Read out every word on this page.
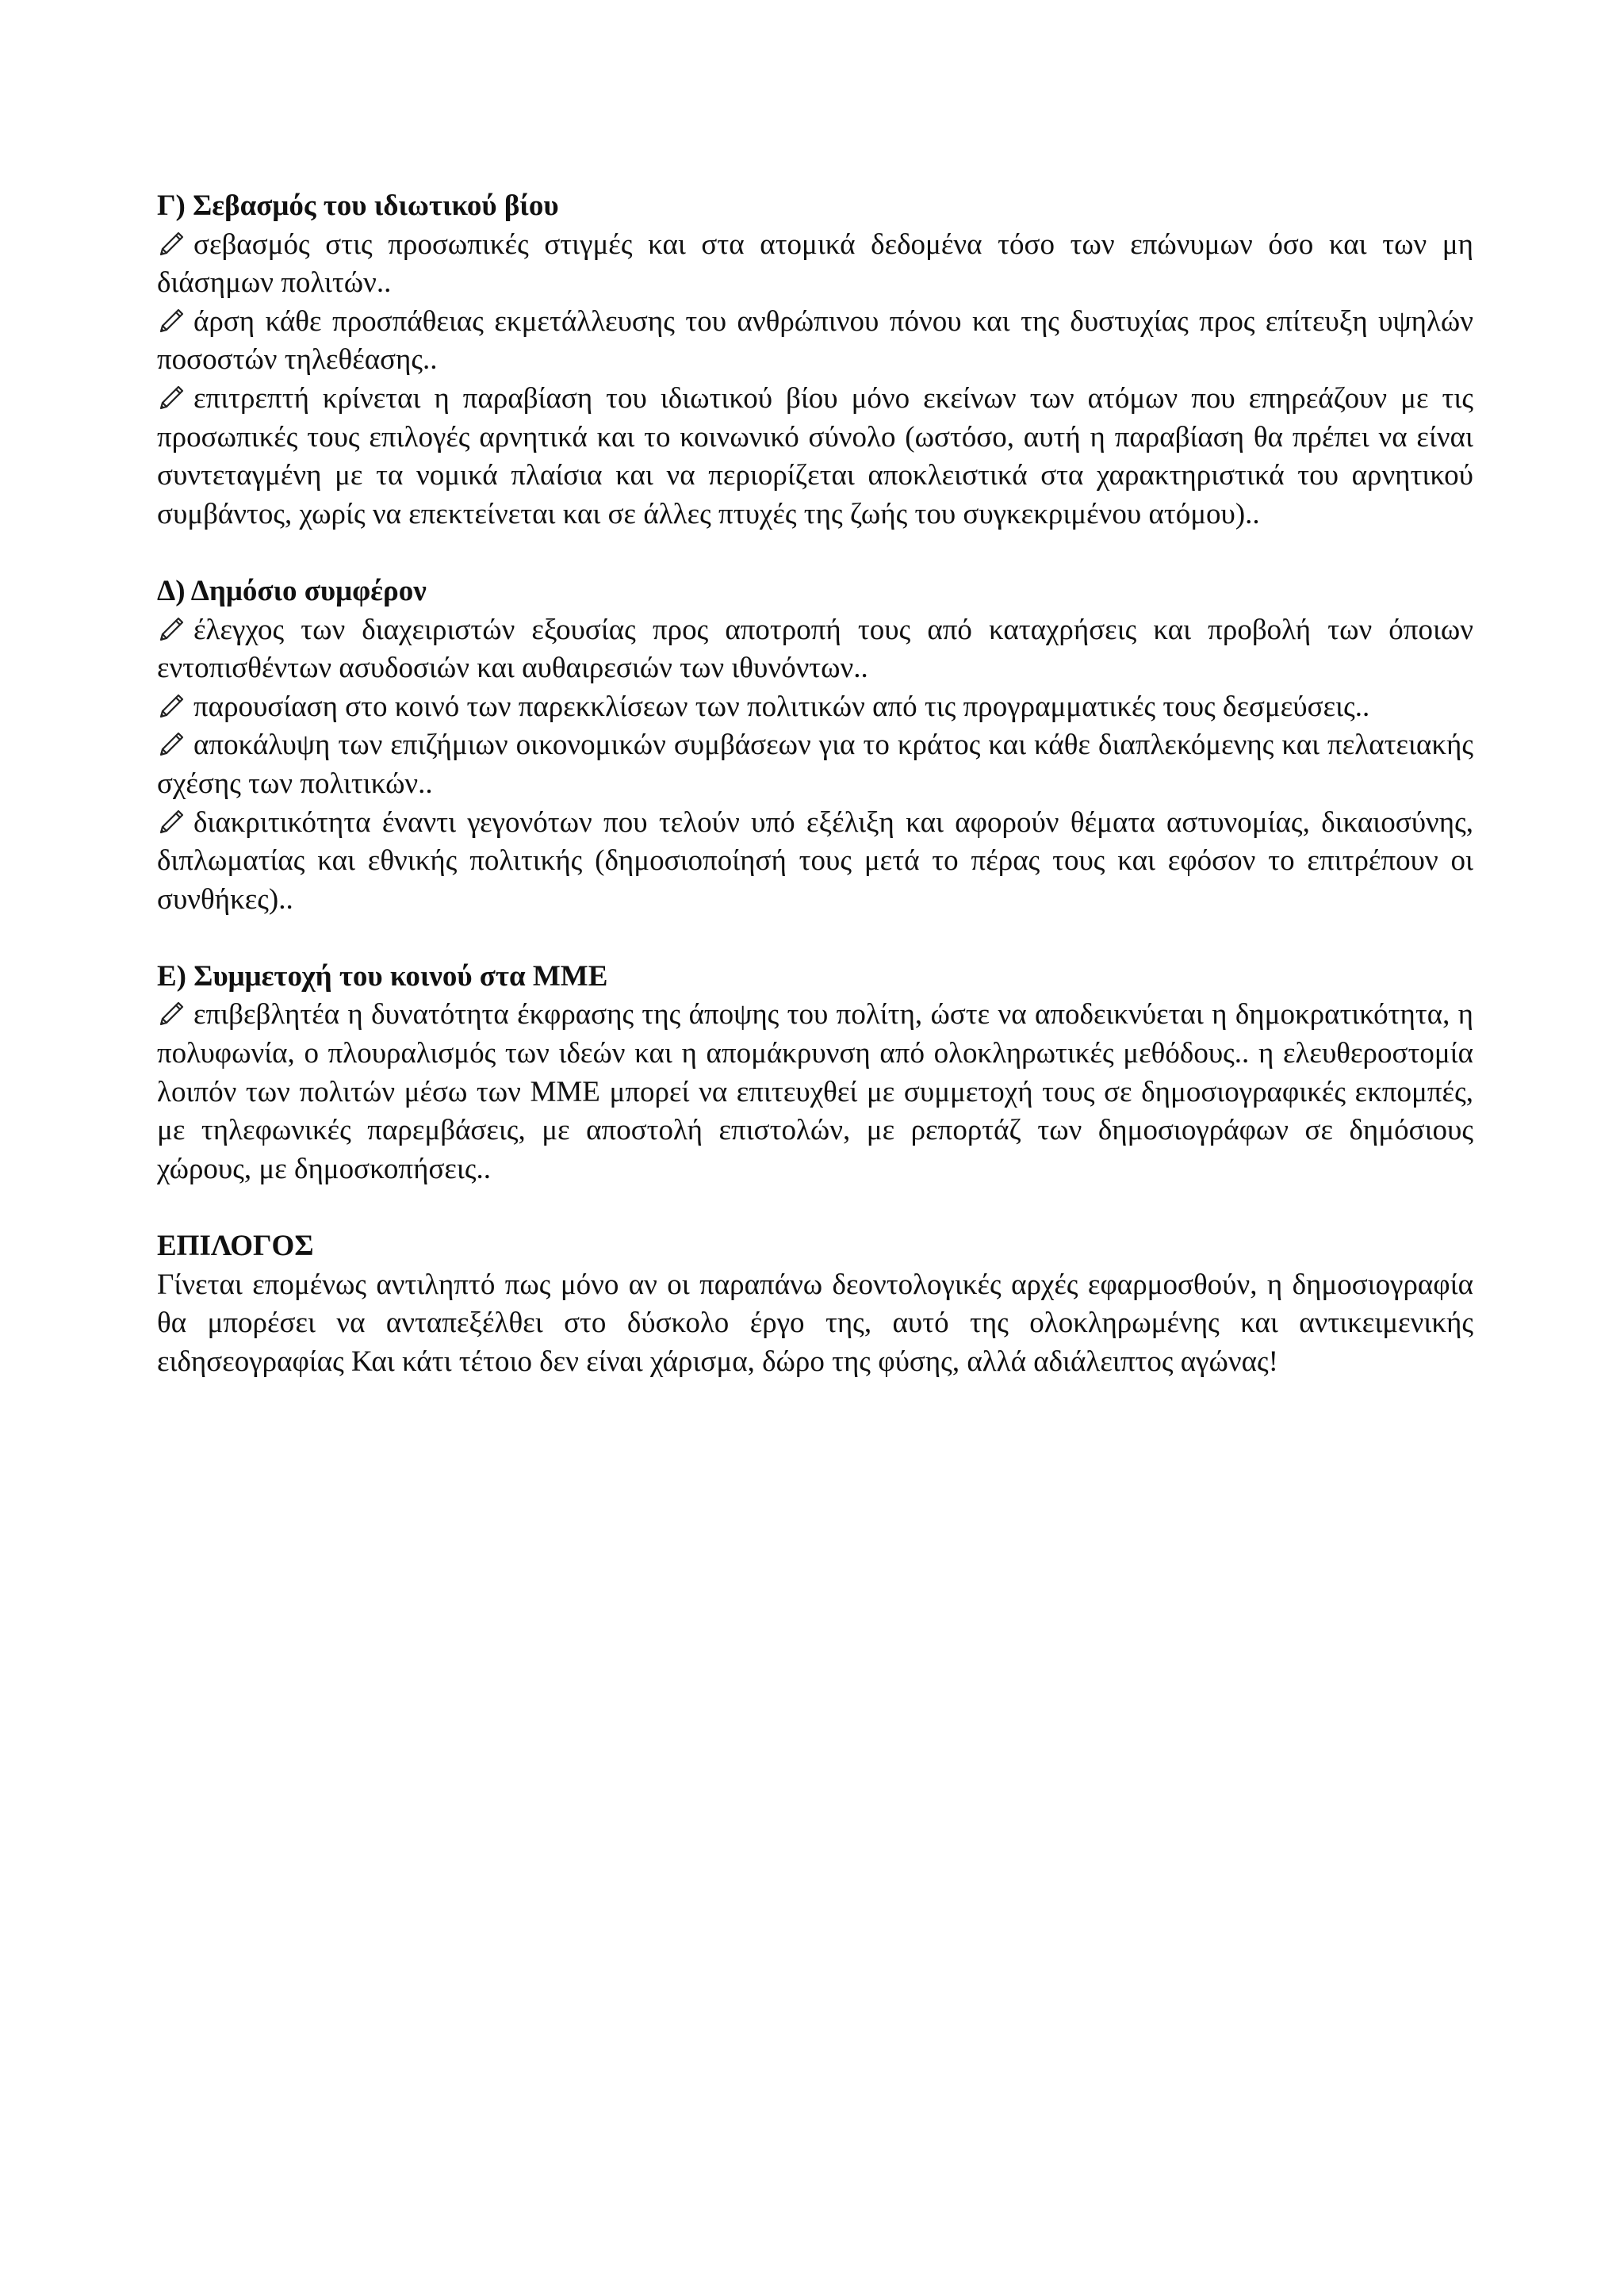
Γ) Σεβασμός του ιδιωτικού βίου

σεβασμός στις προσωπικές στιγμές και στα ατομικά δεδομένα τόσο των επώνυμων όσο και των μη διάσημων πολιτών..

άρση κάθε προσπάθειας εκμετάλλευσης του ανθρώπινου πόνου και της δυστυχίας προς επίτευξη υψηλών ποσοστών τηλεθέασης..

επιτρεπτή κρίνεται η παραβίαση του ιδιωτικού βίου μόνο εκείνων των ατόμων που επηρεάζουν με τις προσωπικές τους επιλογές αρνητικά και το κοινωνικό σύνολο (ωστόσο, αυτή η παραβίαση θα πρέπει να είναι συντεταγμένη με τα νομικά πλαίσια και να περιορίζεται αποκλειστικά στα χαρακτηριστικά του αρνητικού συμβάντος, χωρίς να επεκτείνεται και σε άλλες πτυχές της ζωής του συγκεκριμένου ατόμου)..

Δ) Δημόσιο συμφέρον

έλεγχος των διαχειριστών εξουσίας προς αποτροπή τους από καταχρήσεις και προβολή των όποιων εντοπισθέντων ασυδοσιών και αυθαιρεσιών των ιθυνόντων..

παρουσίαση στο κοινό των παρεκκλίσεων των πολιτικών από τις προγραμματικές τους δεσμεύσεις..

αποκάλυψη των επιζήμιων οικονομικών συμβάσεων για το κράτος και κάθε διαπλεκόμενης και πελατειακής σχέσης των πολιτικών..

διακριτικότητα έναντι γεγονότων που τελούν υπό εξέλιξη και αφορούν θέματα αστυνομίας, δικαιοσύνης, διπλωματίας και εθνικής πολιτικής (δημοσιοποίησή τους μετά το πέρας τους και εφόσον το επιτρέπουν οι συνθήκες)..

Ε) Συμμετοχή του κοινού στα ΜΜΕ

επιβεβλητέα η δυνατότητα έκφρασης της άποψης του πολίτη, ώστε να αποδεικνύεται η δημοκρατικότητα, η πολυφωνία, ο πλουραλισμός των ιδεών και η απομάκρυνση από ολοκληρωτικές μεθόδους.. η ελευθεροστομία λοιπόν των πολιτών μέσω των ΜΜΕ μπορεί να επιτευχθεί με συμμετοχή τους σε δημοσιογραφικές εκπομπές, με τηλεφωνικές παρεμβάσεις, με αποστολή επιστολών, με ρεπορτάζ των δημοσιογράφων σε δημόσιους χώρους, με δημοσκοπήσεις..

ΕΠΙΛΟΓΟΣ

Γίνεται επομένως αντιληπτό πως μόνο αν οι παραπάνω δεοντολογικές αρχές εφαρμοσθούν, η δημοσιογραφία θα μπορέσει να ανταπεξέλθει στο δύσκολο έργο της, αυτό της ολοκληρωμένης και αντικειμενικής ειδησεογραφίας Και κάτι τέτοιο δεν είναι χάρισμα, δώρο της φύσης, αλλά αδιάλειπτος αγώνας!
